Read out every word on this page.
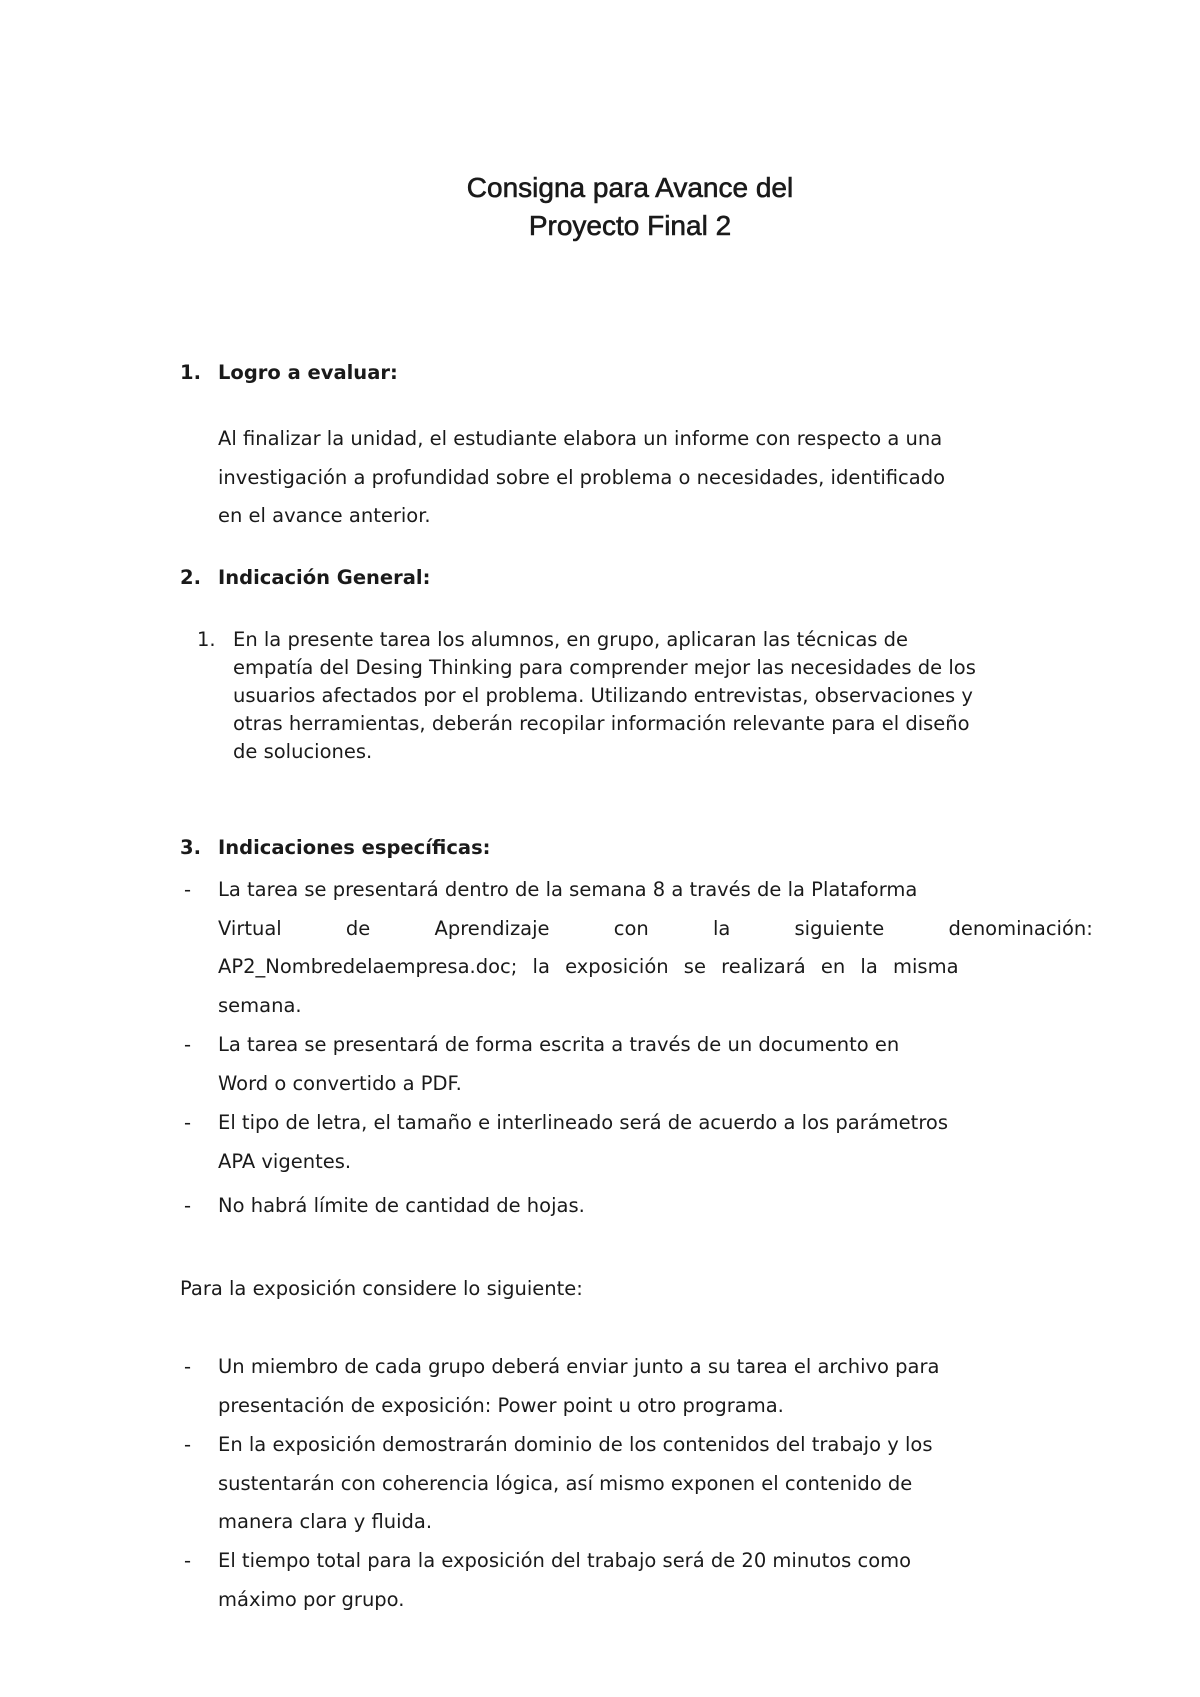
Consigna para Avance del
Proyecto Final 2
1. Logro a evaluar:
Al finalizar la unidad, el estudiante elabora un informe con respecto a una
investigación a profundidad sobre el problema o necesidades, identificado
en el avance anterior.
2. Indicación General:
1. En la presente tarea los alumnos, en grupo, aplicaran las técnicas de
empatía del Desing Thinking para comprender mejor las necesidades de los
usuarios afectados por el problema. Utilizando entrevistas, observaciones y
otras herramientas, deberán recopilar información relevante para el diseño
de soluciones.
3. Indicaciones específicas:
- La tarea se presentará dentro de la semana 8 a través de la Plataforma
Virtual de Aprendizaje con la siguiente denominación:
AP2_Nombredelaempresa.doc; la exposición se realizará en la misma
semana.
- La tarea se presentará de forma escrita a través de un documento en
Word o convertido a PDF.
- El tipo de letra, el tamaño e interlineado será de acuerdo a los parámetros
APA vigentes.
- No habrá límite de cantidad de hojas.
Para la exposición considere lo siguiente:
- Un miembro de cada grupo deberá enviar junto a su tarea el archivo para
presentación de exposición: Power point u otro programa.
- En la exposición demostrarán dominio de los contenidos del trabajo y los
sustentarán con coherencia lógica, así mismo exponen el contenido de
manera clara y fluida.
- El tiempo total para la exposición del trabajo será de 20 minutos como
máximo por grupo.
